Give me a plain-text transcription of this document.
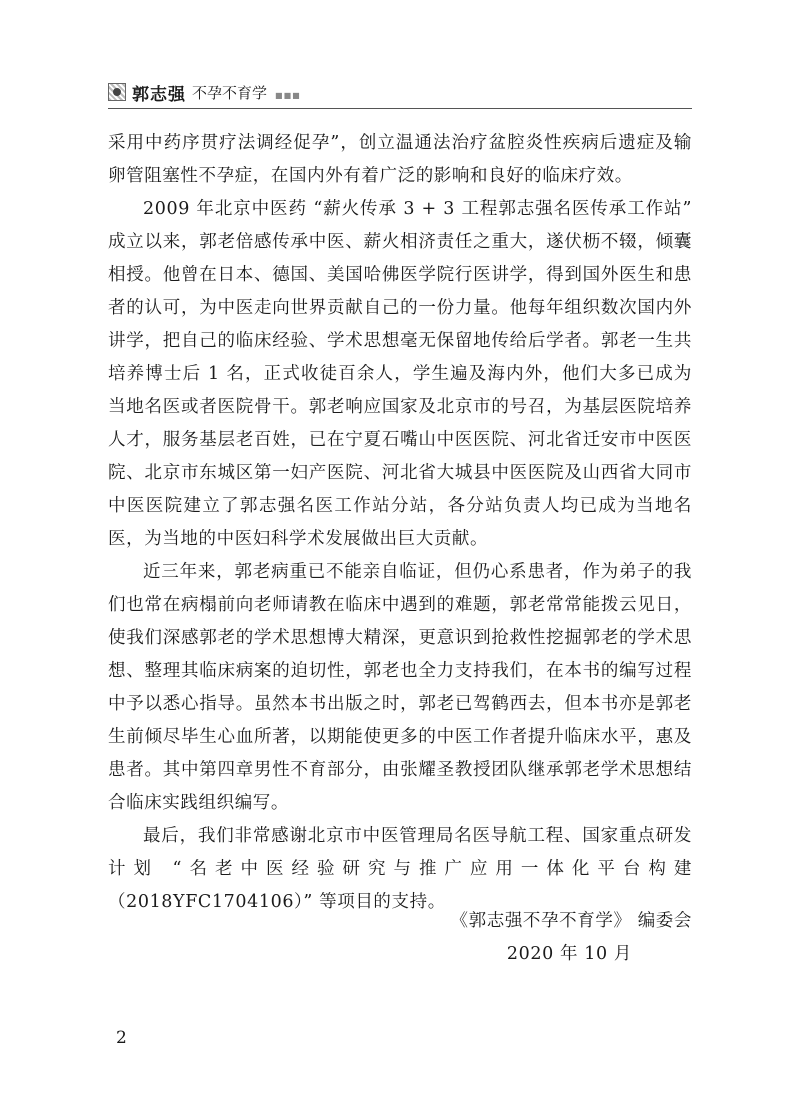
郭志强 不孕不育学 ■■■

采用中药序贯疗法调经促孕”，创立温通法治疗盆腔炎性疾病后遗症及输卵管阻塞性不孕症，在国内外有着广泛的影响和良好的临床疗效。

2009 年北京中医药 “薪火传承 3 + 3 工程郭志强名医传承工作站” 成立以来，郭老倍感传承中医、薪火相济责任之重大，遂伏枥不辍，倾囊相授。他曾在日本、德国、美国哈佛医学院行医讲学，得到国外医生和患者的认可，为中医走向世界贡献自己的一份力量。他每年组织数次国内外讲学，把自己的临床经验、学术思想毫无保留地传给后学者。郭老一生共培养博士后 1 名，正式收徒百余人，学生遍及海内外，他们大多已成为当地名医或者医院骨干。郭老响应国家及北京市的号召，为基层医院培养人才，服务基层老百姓，已在宁夏石嘴山中医医院、河北省迁安市中医医院、北京市东城区第一妇产医院、河北省大城县中医医院及山西省大同市中医医院建立了郭志强名医工作站分站，各分站负责人均已成为当地名医，为当地的中医妇科学术发展做出巨大贡献。

近三年来，郭老病重已不能亲自临证，但仍心系患者，作为弟子的我们也常在病榻前向老师请教在临床中遇到的难题，郭老常常能拨云见日，使我们深感郭老的学术思想博大精深，更意识到抢救性挖掘郭老的学术思想、整理其临床病案的迫切性，郭老也全力支持我们，在本书的编写过程中予以悉心指导。虽然本书出版之时，郭老已驾鹤西去，但本书亦是郭老生前倾尽毕生心血所著，以期能使更多的中医工作者提升临床水平，惠及患者。其中第四章男性不育部分，由张耀圣教授团队继承郭老学术思想结合临床实践组织编写。

最后，我们非常感谢北京市中医管理局名医导航工程、国家重点研发计划 “名老中医经验研究与推广应用一体化平台构建（2018YFC1704106）” 等项目的支持。

《郭志强不孕不育学》 编委会
2020 年 10 月
2
